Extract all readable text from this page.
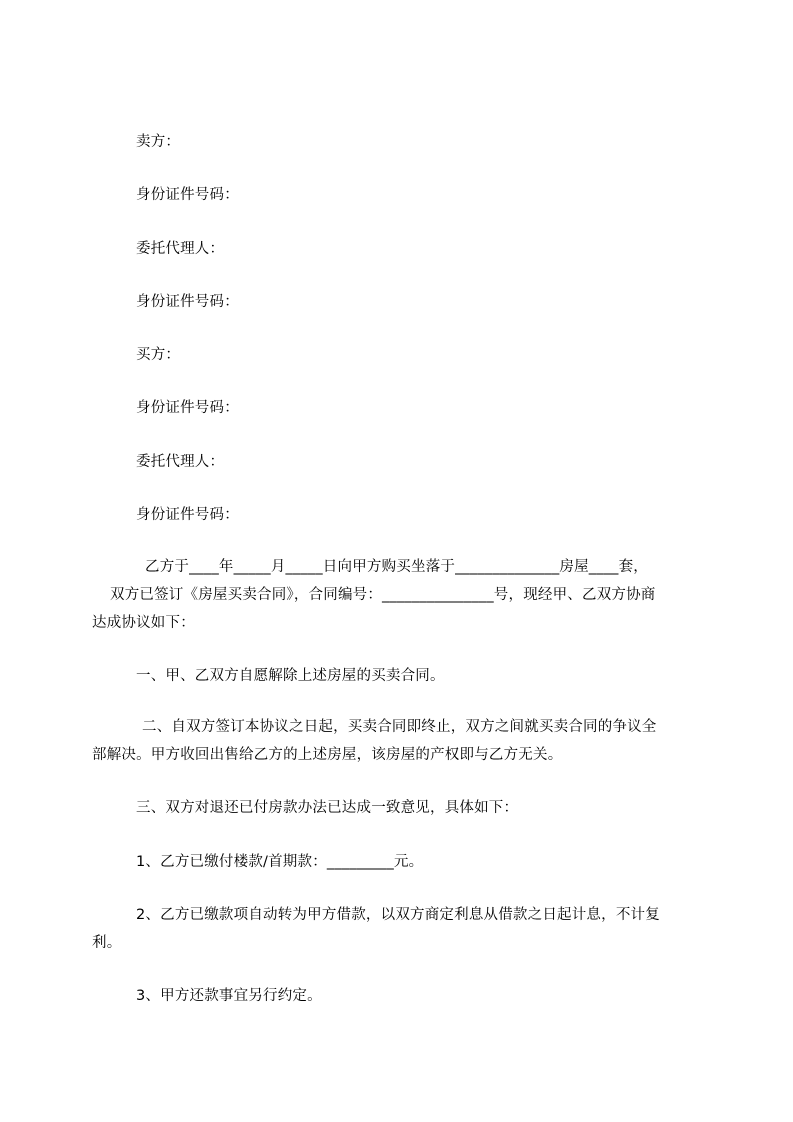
卖方：

身份证件号码：

委托代理人：

身份证件号码：

买方：

身份证件号码：

委托代理人：

身份证件号码：

乙方于____年_____月_____日向甲方购买坐落于______________房屋____套，

双方已签订《房屋买卖合同》，合同编号：_______________号，现经甲、乙双方协商

达成协议如下：

一、甲、乙双方自愿解除上述房屋的买卖合同。

二、自双方签订本协议之日起，买卖合同即终止，双方之间就买卖合同的争议全

部解决。甲方收回出售给乙方的上述房屋，该房屋的产权即与乙方无关。

三、双方对退还已付房款办法已达成一致意见，具体如下：

1、乙方已缴付楼款/首期款：_________元。

2、乙方已缴款项自动转为甲方借款，以双方商定利息从借款之日起计息，不计复

利。

3、甲方还款事宜另行约定。
